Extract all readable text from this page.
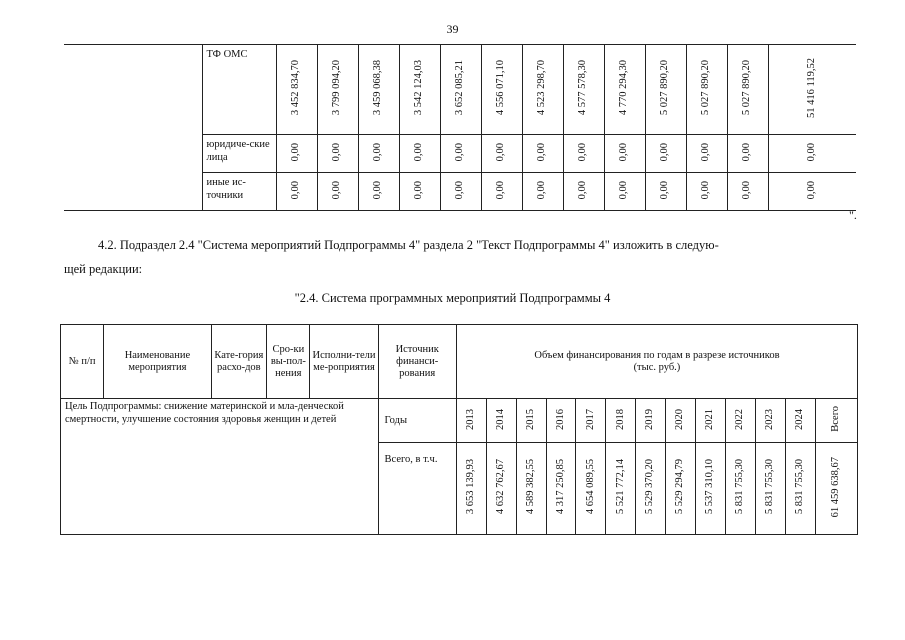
39
	ТФ ОМС	3 452 834,70	3 799 094,20	3 459 068,38	3 542 124,03	3 652 085,21	4 556 071,10	4 523 298,70	4 577 578,30	4 770 294,30	5 027 890,20	5 027 890,20	5 027 890,20	51 416 119,52
	юридиче-ские лица	0,00	0,00	0,00	0,00	0,00	0,00	0,00	0,00	0,00	0,00	0,00	0,00	0,00
	иные ис-точники	0,00	0,00	0,00	0,00	0,00	0,00	0,00	0,00	0,00	0,00	0,00	0,00	0,00
".
4.2. Подраздел 2.4 "Система мероприятий Подпрограммы 4" раздела 2 "Текст Подпрограммы 4" изложить в следую-
щей редакции:
"2.4. Система программных мероприятий Подпрограммы 4
№ п/п	Наименование мероприятия	Кате-гория расхо-дов	Сро-ки вы-пол-нения	Исполни-тели ме-роприятия	Источник финанси-рования	Объем финансирования по годам в разрезе источников (тыс. руб.)												
Цель Подпрограммы: снижение материнской и мла-денческой смертности, улучшение состояния здоровья женщин и детей					Годы	2013	2014	2015	2016	2017	2018	2019	2020	2021	2022	2023	2024	Всего
					Всего, в т.ч.	3 653 139,93	4 632 762,67	4 589 382,55	4 317 250,85	4 654 089,55	5 521 772,14	5 529 370,20	5 529 294,79	5 537 310,10	5 831 755,30	5 831 755,30	5 831 755,30	61 459 638,67
